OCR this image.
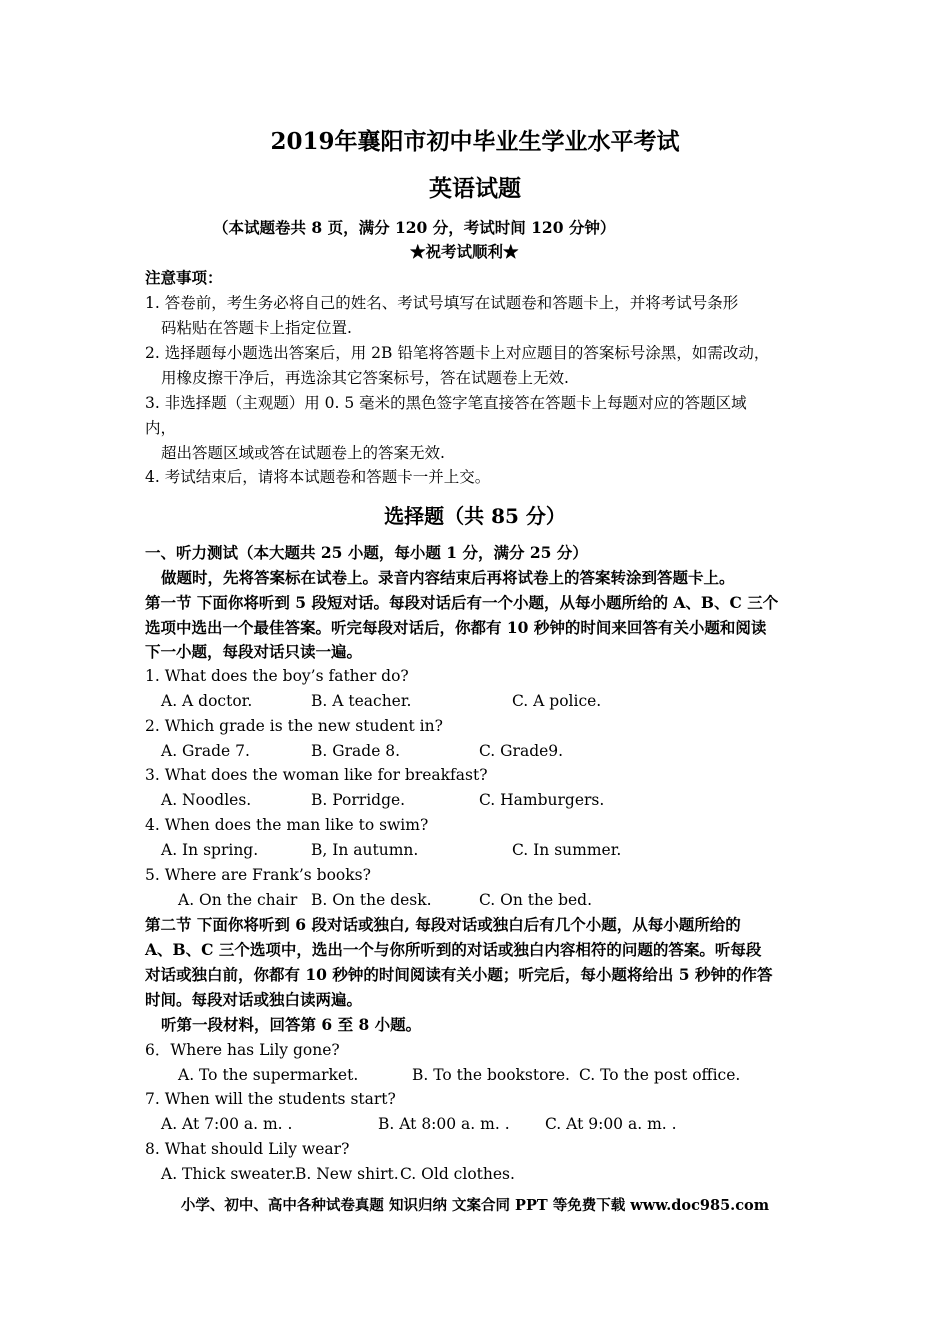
2019年襄阳市初中毕业生学业水平考试
英语试题
（本试题卷共 8 页，满分 120 分，考试时间 120 分钟）
★祝考试顺利★
注意事项：
1. 答卷前，考生务必将自己的姓名、考试号填写在试题卷和答题卡上，并将考试号条形
码粘贴在答题卡上指定位置.
2. 选择题每小题选出答案后，用 2B 铅笔将答题卡上对应题目的答案标号涂黑，如需改动，
用橡皮擦干净后，再选涂其它答案标号，答在试题卷上无效.
3. 非选择题（主观题）用 0. 5 毫米的黑色签字笔直接答在答题卡上每题对应的答题区域
内，
超出答题区域或答在试题卷上的答案无效.
4. 考试结束后，请将本试题卷和答题卡一并上交。
选择题（共 85 分）
一、听力测试（本大题共 25 小题，每小题 1 分，满分 25 分）
做题时，先将答案标在试卷上。录音内容结束后再将试卷上的答案转涂到答题卡上。
第一节 下面你将听到 5 段短对话。每段对话后有一个小题，从每小题所给的 A、B、C 三个
选项中选出一个最佳答案。听完每段对话后，你都有 10 秒钟的时间来回答有关小题和阅读
下一小题，每段对话只读一遍。
1. What does the boy’s father do?
A. A doctor.	B. A teacher.	C. A police.
2. Which grade is the new student in?
A. Grade 7.	B. Grade 8.	C. Grade9.
3. What does the woman like for breakfast?
A. Noodles.	B. Porridge.	C. Hamburgers.
4. When does the man like to swim?
A. In spring.	B, In autumn.	C. In summer.
5. Where are Frank’s books?
A. On the chair B. On the desk.	C. On the bed.
第二节 下面你将听到 6 段对话或独白, 每段对话或独白后有几个小题，从每小题所给的
A、B、C 三个选项中，选出一个与你所听到的对话或独白内容相符的问题的答案。听每段
对话或独白前，你都有 10 秒钟的时间阅读有关小题；听完后，每小题将给出 5 秒钟的作答
时间。每段对话或独白读两遍。
听第一段材料，回答第 6 至 8 小题。
6．Where has Lily gone?
A. To the supermarket.	B. To the bookstore. C. To the post office.
7. When will the students start?
A. At 7:00 a. m. .	B. At 8:00 a. m. . C. At 9:00 a. m. .
8. What should Lily wear?
A. Thick sweater. B. New shirt. C. Old clothes.
小学、初中、高中各种试卷真题 知识归纳 文案合同 PPT 等免费下载 www.doc985.com
